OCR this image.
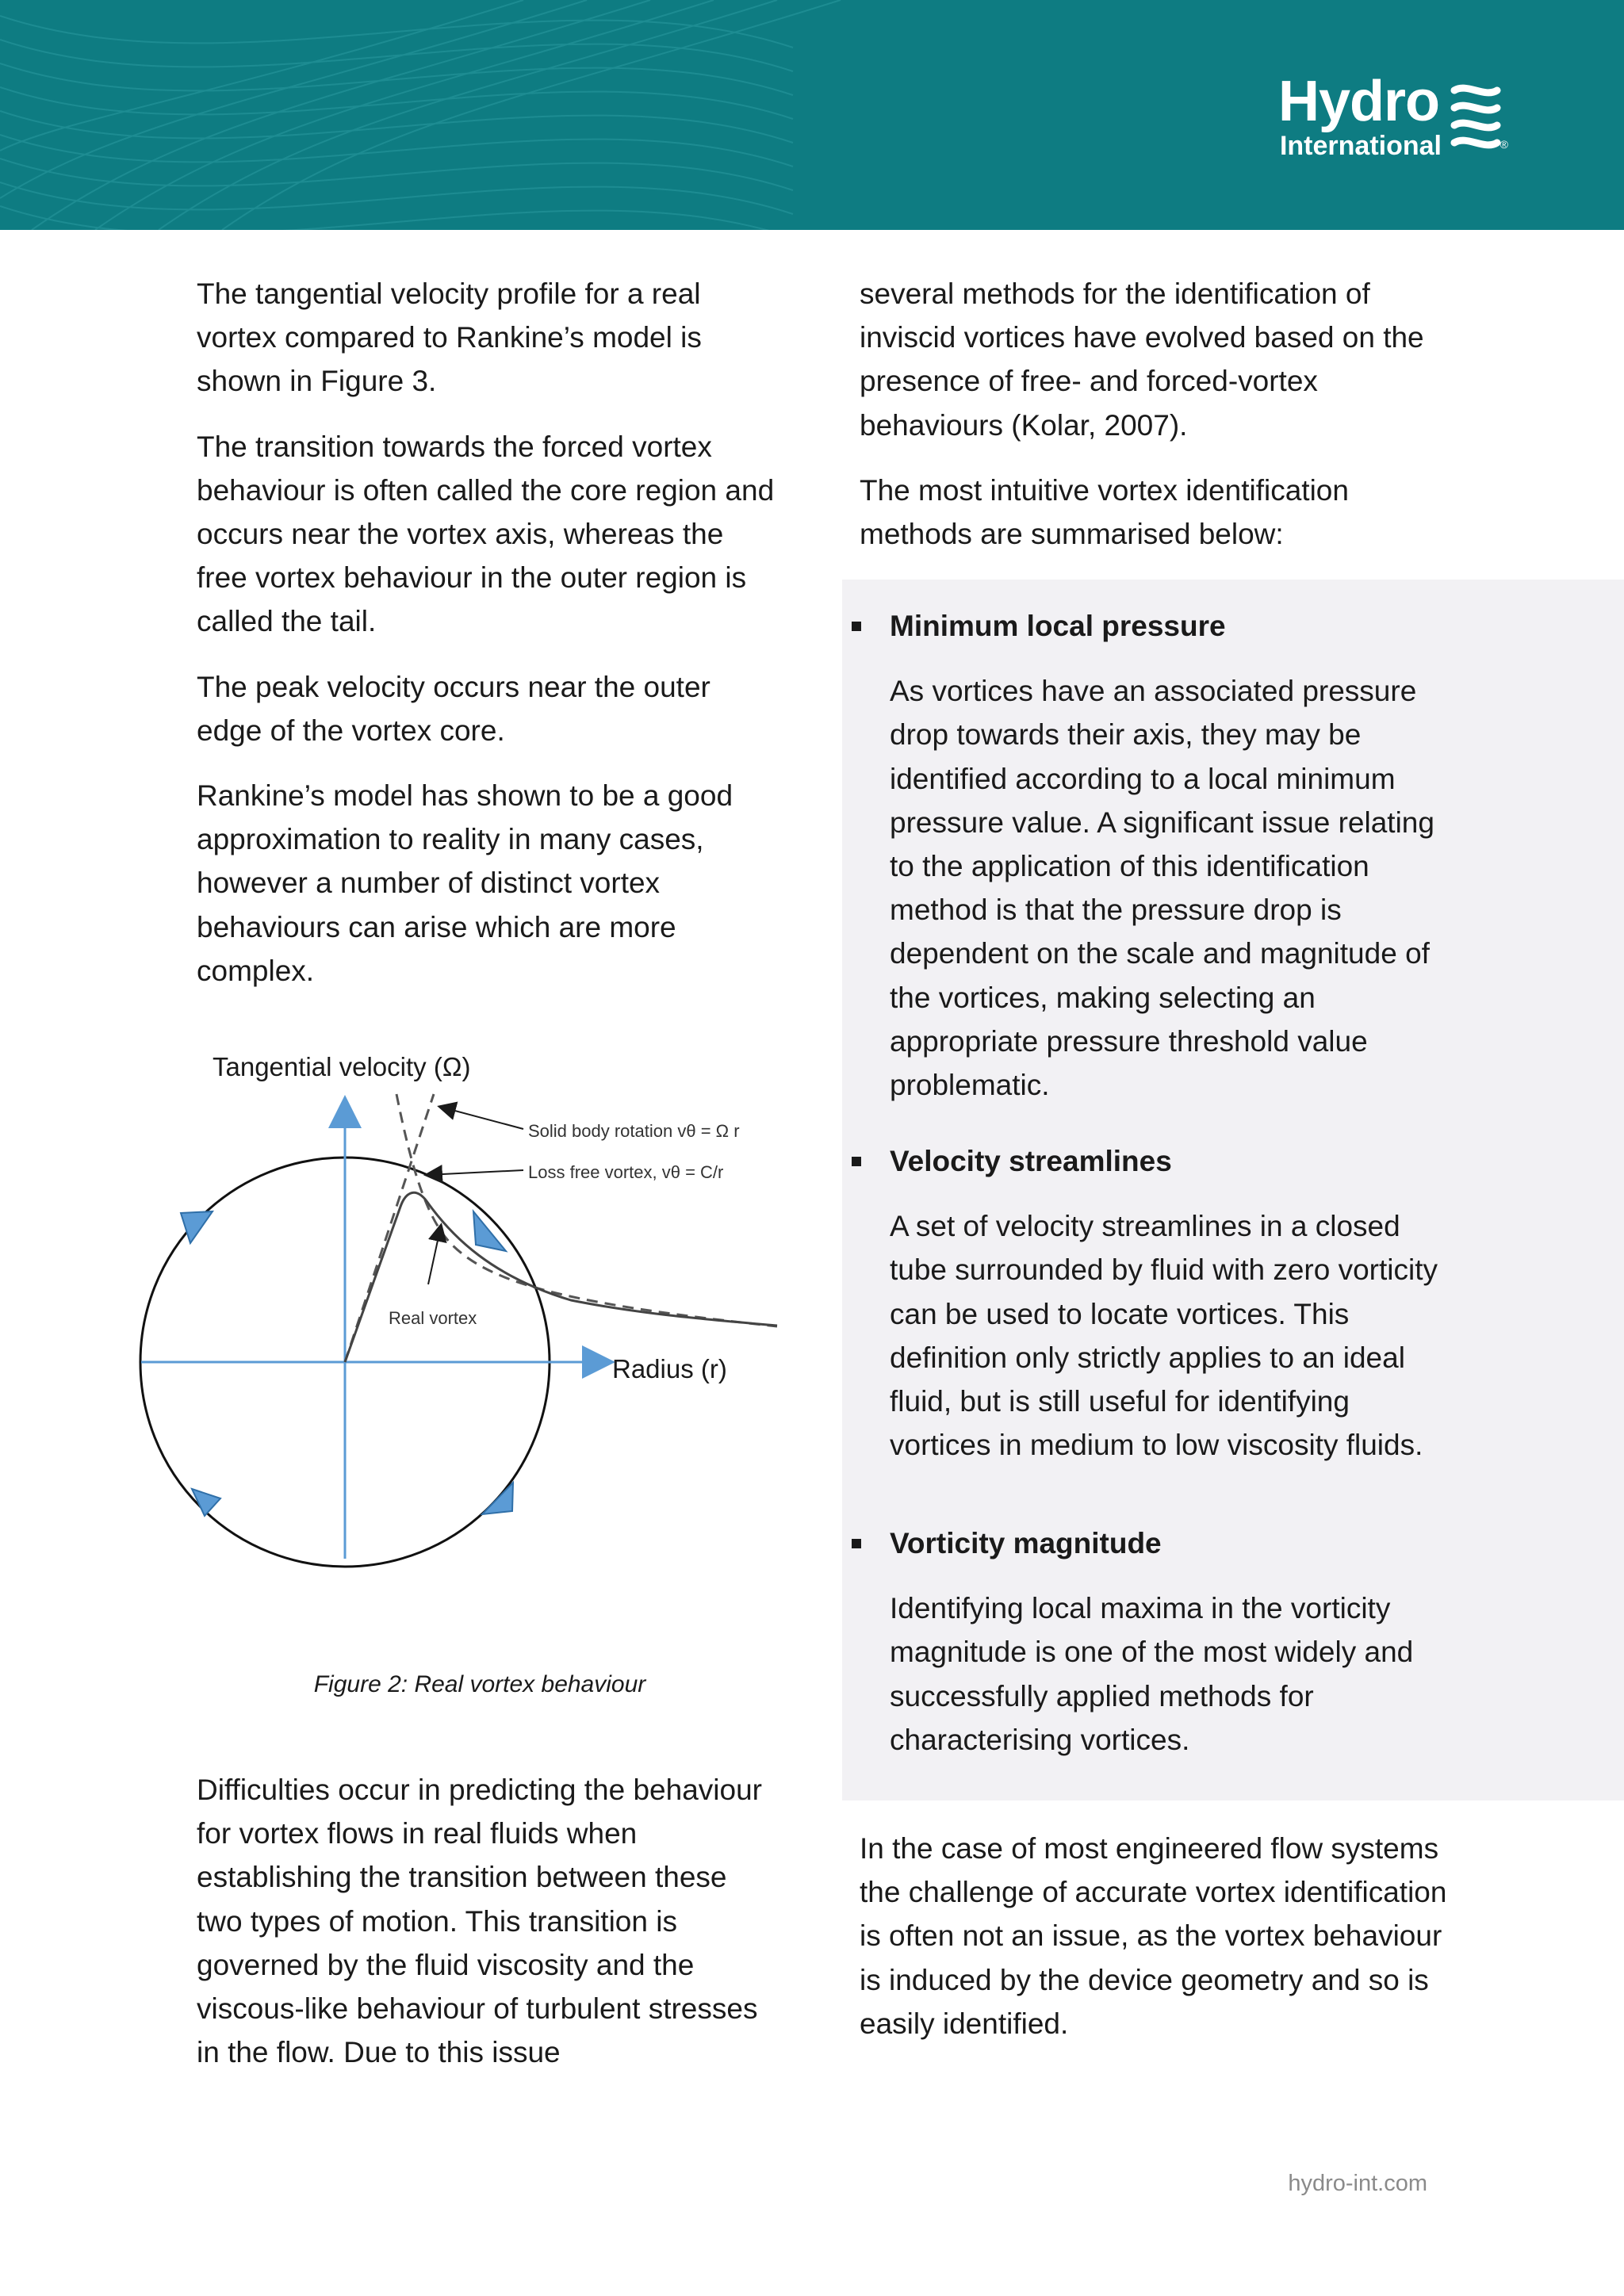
Hydro
International	®

The tangential velocity profile for a real vortex compared to Rankine’s model is shown in Figure 3.

The transition towards the forced vortex behaviour is often called the core region and occurs near the vortex axis, whereas the free vortex behaviour in the outer region is called the tail.

The peak velocity occurs near the outer edge of the vortex core.

Rankine’s model has shown to be a good approximation to reality in many cases, however a number of distinct vortex behaviours can arise which are more complex.

Tangential velocity (Ω)
Radius (r)
Solid body rotation vθ = Ω r
Loss free vortex, vθ = C/r
Real vortex
Figure 2: Real vortex behaviour

Difficulties occur in predicting the behaviour for vortex flows in real fluids when establishing the transition between these two types of motion. This transition is governed by the fluid viscosity and the viscous-like behaviour of turbulent stresses in the flow. Due to this issue

several methods for the identification of inviscid vortices have evolved based on the presence of free- and forced-vortex behaviours (Kolar, 2007).

The most intuitive vortex identification methods are summarised below:

Minimum local pressure

As vortices have an associated pressure drop towards their axis, they may be identified according to a local minimum pressure value. A significant issue relating to the application of this identification method is that the pressure drop is dependent on the scale and magnitude of the vortices, making selecting an appropriate pressure threshold value problematic.

Velocity streamlines

A set of velocity streamlines in a closed tube surrounded by fluid with zero vorticity can be used to locate vortices. This definition only strictly applies to an ideal fluid, but is still useful for identifying vortices in medium to low viscosity fluids.

Vorticity magnitude

Identifying local maxima in the vorticity magnitude is one of the most widely and successfully applied methods for characterising vortices.

In the case of most engineered flow systems the challenge of accurate vortex identification is often not an issue, as the vortex behaviour is induced by the device geometry and so is easily identified.

hydro-int.com
